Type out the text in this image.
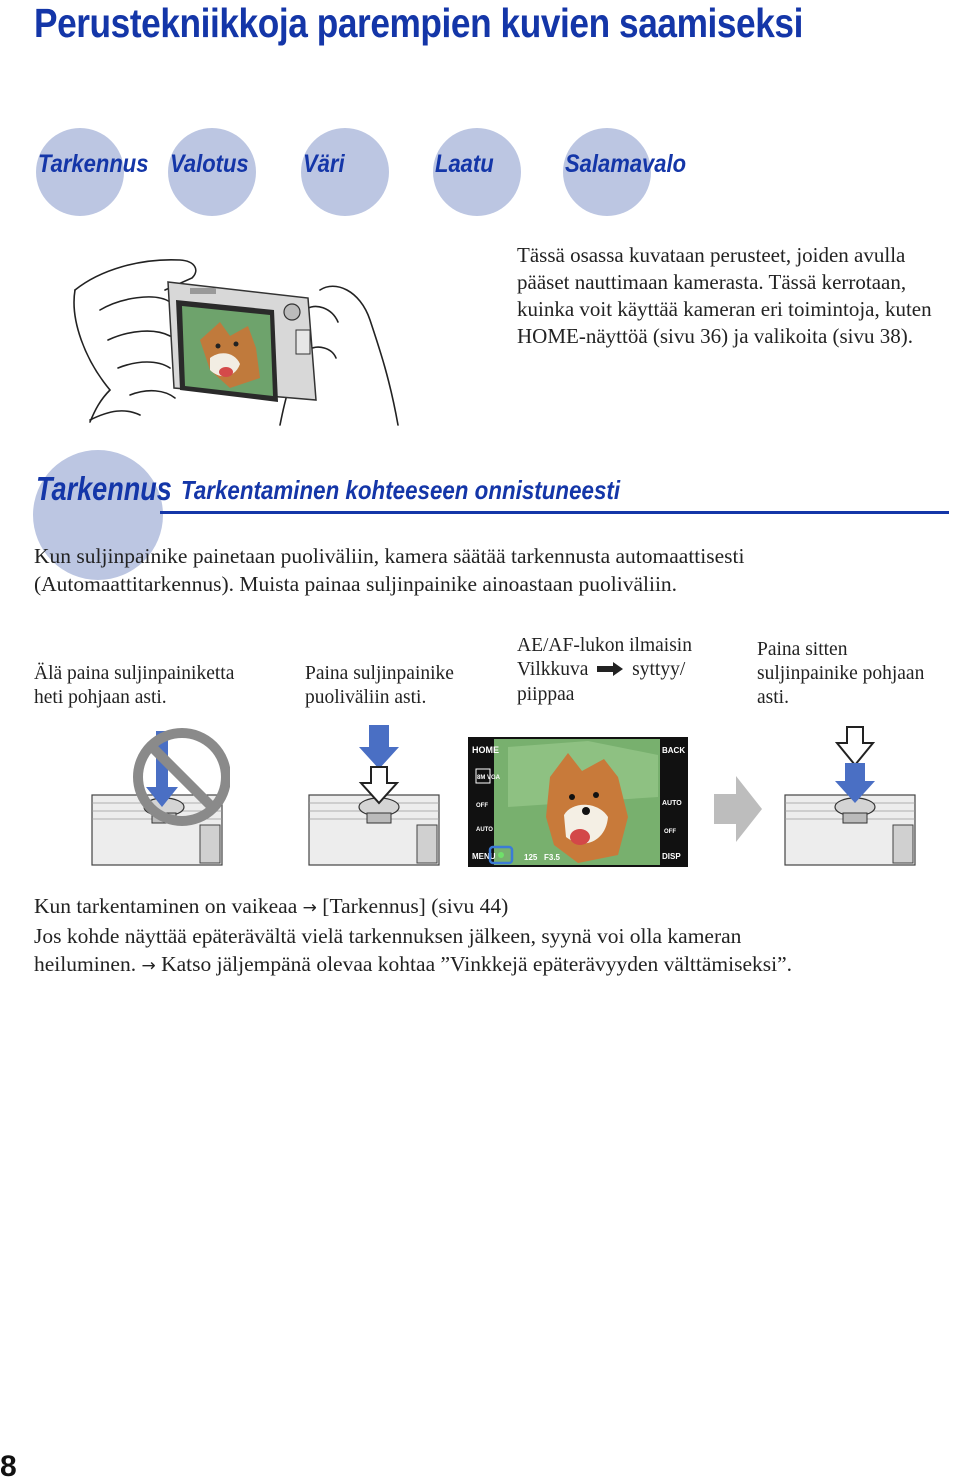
Perustekniikkoja parempien kuvien saamiseksi
Tarkennus Valotus Väri	Laatu	Salamavalo
Tässä osassa kuvataan perusteet, joiden avulla pääset nauttimaan kamerasta. Tässä kerrotaan, kuinka voit käyttää kameran eri toimintoja, kuten HOME-näyttöä (sivu 36) ja valikoita (sivu 38).
Tarkennus Tarkentaminen kohteeseen onnistuneesti
Kun suljinpainike painetaan puoliväliin, kamera säätää tarkennusta automaattisesti
(Automaattitarkennus). Muista painaa suljinpainike ainoastaan puoliväliin.
Älä paina suljinpainiketta
heti pohjaan asti.
Paina suljinpainike
puoliväliin asti.
AE/AF-lukon ilmaisin
Vilkkuva syttyy/
piippaa
Paina sitten
suljinpainike pohjaan
asti.
HOME	BACK
8M VGA
AUTO
OFF
OFF
AUTO
MENU	125 F3.5	DISP
Kun tarkentaminen on vaikeaa → [Tarkennus] (sivu 44)
Jos kohde näyttää epäterävältä vielä tarkennuksen jälkeen, syynä voi olla kameran
heiluminen. → Katso jäljempänä olevaa kohtaa ”Vinkkejä epäterävyyden välttämiseksi”.
8
